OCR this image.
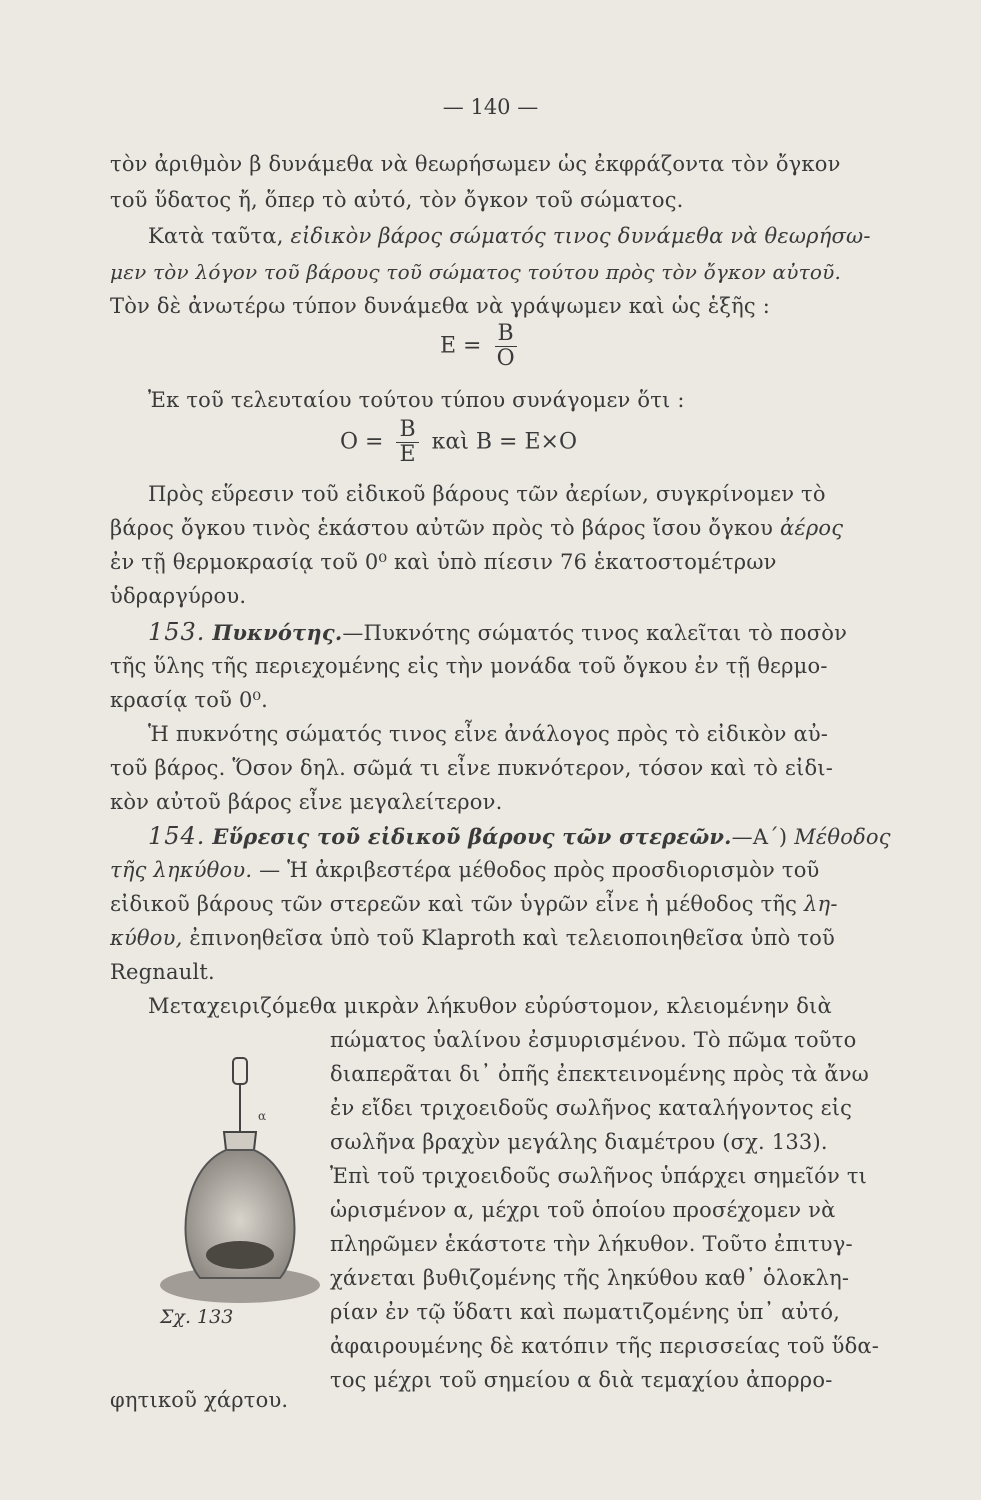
— 140 —
τὸν ἀριθμὸν β δυνάμεθα νὰ θεωρήσωμεν ὡς ἐκφράζοντα τὸν ὄγκον
τοῦ ὕδατος ἤ, ὅπερ τὸ αὐτό, τὸν ὄγκον τοῦ σώματος.
Κατὰ ταῦτα, εἰδικὸν βάρος σώματός τινος δυνάμεθα νὰ θεωρήσω-
μεν τὸν λόγον τοῦ βάρους τοῦ σώματος τούτου πρὸς τὸν ὄγκον αὐτοῦ.
Τὸν δὲ ἀνωτέρω τύπον δυνάμεθα νὰ γράψωμεν καὶ ὡς ἑξῆς :
$E = \frac{B}{O}$
Ἐκ τοῦ τελευταίου τούτου τύπου συνάγομεν ὅτι :
$O = \frac{B}{E}$ καὶ B = E×O
Πρὸς εὕρεσιν τοῦ εἰδικοῦ βάρους τῶν ἀερίων, συγκρίνομεν τὸ
βάρος ὄγκου τινὸς ἑκάστου αὐτῶν πρὸς τὸ βάρος ἴσου ὄγκου ἀέρος
ἐν τῇ θερμοκρασίᾳ τοῦ 0⁰ καὶ ὑπὸ πίεσιν 76 ἑκατοστομέτρων
ὑδραργύρου.
153. Πυκνότης.—Πυκνότης σώματός τινος καλεῖται τὸ ποσὸν
τῆς ὕλης τῆς περιεχομένης εἰς τὴν μονάδα τοῦ ὄγκου ἐν τῇ θερμο-
κρασίᾳ τοῦ 0⁰.
Ἡ πυκνότης σώματός τινος εἶνε ἀνάλογος πρὸς τὸ εἰδικὸν αὐ-
τοῦ βάρος. Ὅσον δηλ. σῶμά τι εἶνε πυκνότερον, τόσον καὶ τὸ εἰδι-
κὸν αὐτοῦ βάρος εἶνε μεγαλείτερον.
154. Εὕρεσις τοῦ εἰδικοῦ βάρους τῶν στερεῶν.—Α΄) Μέθοδος
τῆς ληκύθου. — Ἡ ἀκριβεστέρα μέθοδος πρὸς προσδιορισμὸν τοῦ
εἰδικοῦ βάρους τῶν στερεῶν καὶ τῶν ὑγρῶν εἶνε ἡ μέθοδος τῆς λη-
κύθου, ἐπινοηθεῖσα ὑπὸ τοῦ Klaproth καὶ τελειοποιηθεῖσα ὑπὸ τοῦ
Regnault.
Μεταχειριζόμεθα μικρὰν λήκυθον εὐρύστομον, κλειομένην διὰ
πώματος ὑαλίνου ἐσμυρισμένου. Τὸ πῶμα τοῦτο
διαπερᾶται δι᾽ ὀπῆς ἐπεκτεινομένης πρὸς τὰ ἄνω
ἐν εἴδει τριχοειδοῦς σωλῆνος καταλήγοντος εἰς
σωλῆνα βραχὺν μεγάλης διαμέτρου (σχ. 133).
Ἐπὶ τοῦ τριχοειδοῦς σωλῆνος ὑπάρχει σημεῖόν τι
ὡρισμένον α, μέχρι τοῦ ὁποίου προσέχομεν νὰ
πληρῶμεν ἑκάστοτε τὴν λήκυθον. Τοῦτο ἐπιτυγ-
χάνεται βυθιζομένης τῆς ληκύθου καθ᾽ ὁλοκλη-
ρίαν ἐν τῷ ὕδατι καὶ πωματιζομένης ὑπ᾽ αὐτό,
ἀφαιρουμένης δὲ κατόπιν τῆς περισσείας τοῦ ὕδα-
τος μέχρι τοῦ σημείου α διὰ τεμαχίου ἀπορρο-
φητικοῦ χάρτου.
α
Σχ. 133
